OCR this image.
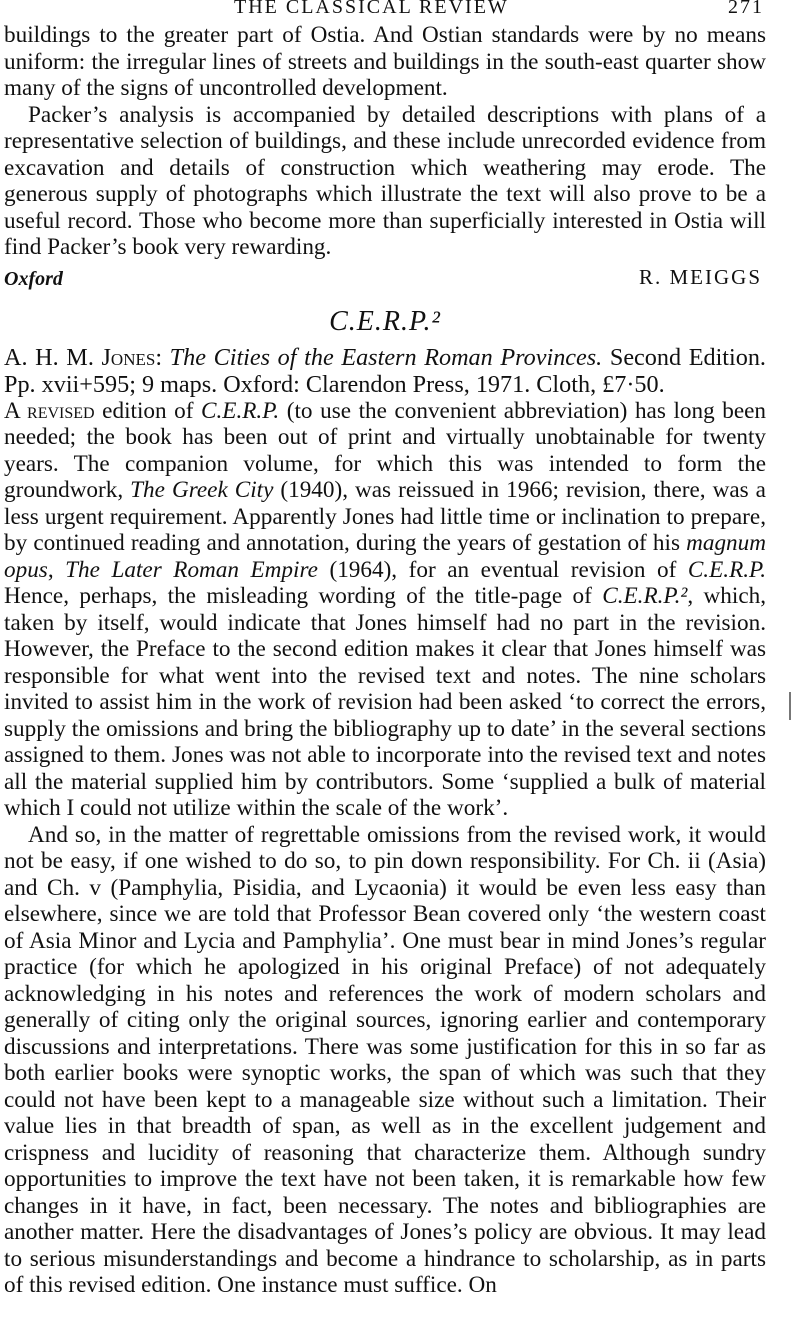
THE CLASSICAL REVIEW	271

buildings to the greater part of Ostia. And Ostian standards were by no means uniform: the irregular lines of streets and buildings in the south-east quarter show many of the signs of uncontrolled development.

Packer’s analysis is accompanied by detailed descriptions with plans of a representative selection of buildings, and these include unrecorded evidence from excavation and details of construction which weathering may erode. The generous supply of photographs which illustrate the text will also prove to be a useful record. Those who become more than superficially interested in Ostia will find Packer’s book very rewarding.

Oxford	R. MEIGGS
C.E.R.P.²

A. H. M. Jones: The Cities of the Eastern Roman Provinces. Second Edition. Pp. xvii+595; 9 maps. Oxford: Clarendon Press, 1971. Cloth, £7·50.

A revised edition of C.E.R.P. (to use the convenient abbreviation) has long been needed; the book has been out of print and virtually unobtainable for twenty years. The companion volume, for which this was intended to form the groundwork, The Greek City (1940), was reissued in 1966; revision, there, was a less urgent requirement. Apparently Jones had little time or inclination to prepare, by continued reading and annotation, during the years of gestation of his magnum opus, The Later Roman Empire (1964), for an eventual revision of C.E.R.P. Hence, perhaps, the misleading wording of the title-page of C.E.R.P.², which, taken by itself, would indicate that Jones himself had no part in the revision. However, the Preface to the second edition makes it clear that Jones himself was responsible for what went into the revised text and notes. The nine scholars invited to assist him in the work of revision had been asked ‘to correct the errors, supply the omissions and bring the bibliography up to date’ in the several sections assigned to them. Jones was not able to incorporate into the revised text and notes all the material supplied him by contributors. Some ‘supplied a bulk of material which I could not utilize within the scale of the work’.

And so, in the matter of regrettable omissions from the revised work, it would not be easy, if one wished to do so, to pin down responsibility. For Ch. ii (Asia) and Ch. v (Pamphylia, Pisidia, and Lycaonia) it would be even less easy than elsewhere, since we are told that Professor Bean covered only ‘the western coast of Asia Minor and Lycia and Pamphylia’. One must bear in mind Jones’s regular practice (for which he apologized in his original Preface) of not adequately acknowledging in his notes and references the work of modern scholars and generally of citing only the original sources, ignoring earlier and contemporary discussions and interpretations. There was some justification for this in so far as both earlier books were synoptic works, the span of which was such that they could not have been kept to a manageable size without such a limitation. Their value lies in that breadth of span, as well as in the excellent judgement and crispness and lucidity of reasoning that characterize them. Although sundry opportunities to improve the text have not been taken, it is remarkable how few changes in it have, in fact, been necessary. The notes and bibliographies are another matter. Here the disadvantages of Jones’s policy are obvious. It may lead to serious misunderstandings and become a hindrance to scholarship, as in parts of this revised edition. One instance must suffice. On
